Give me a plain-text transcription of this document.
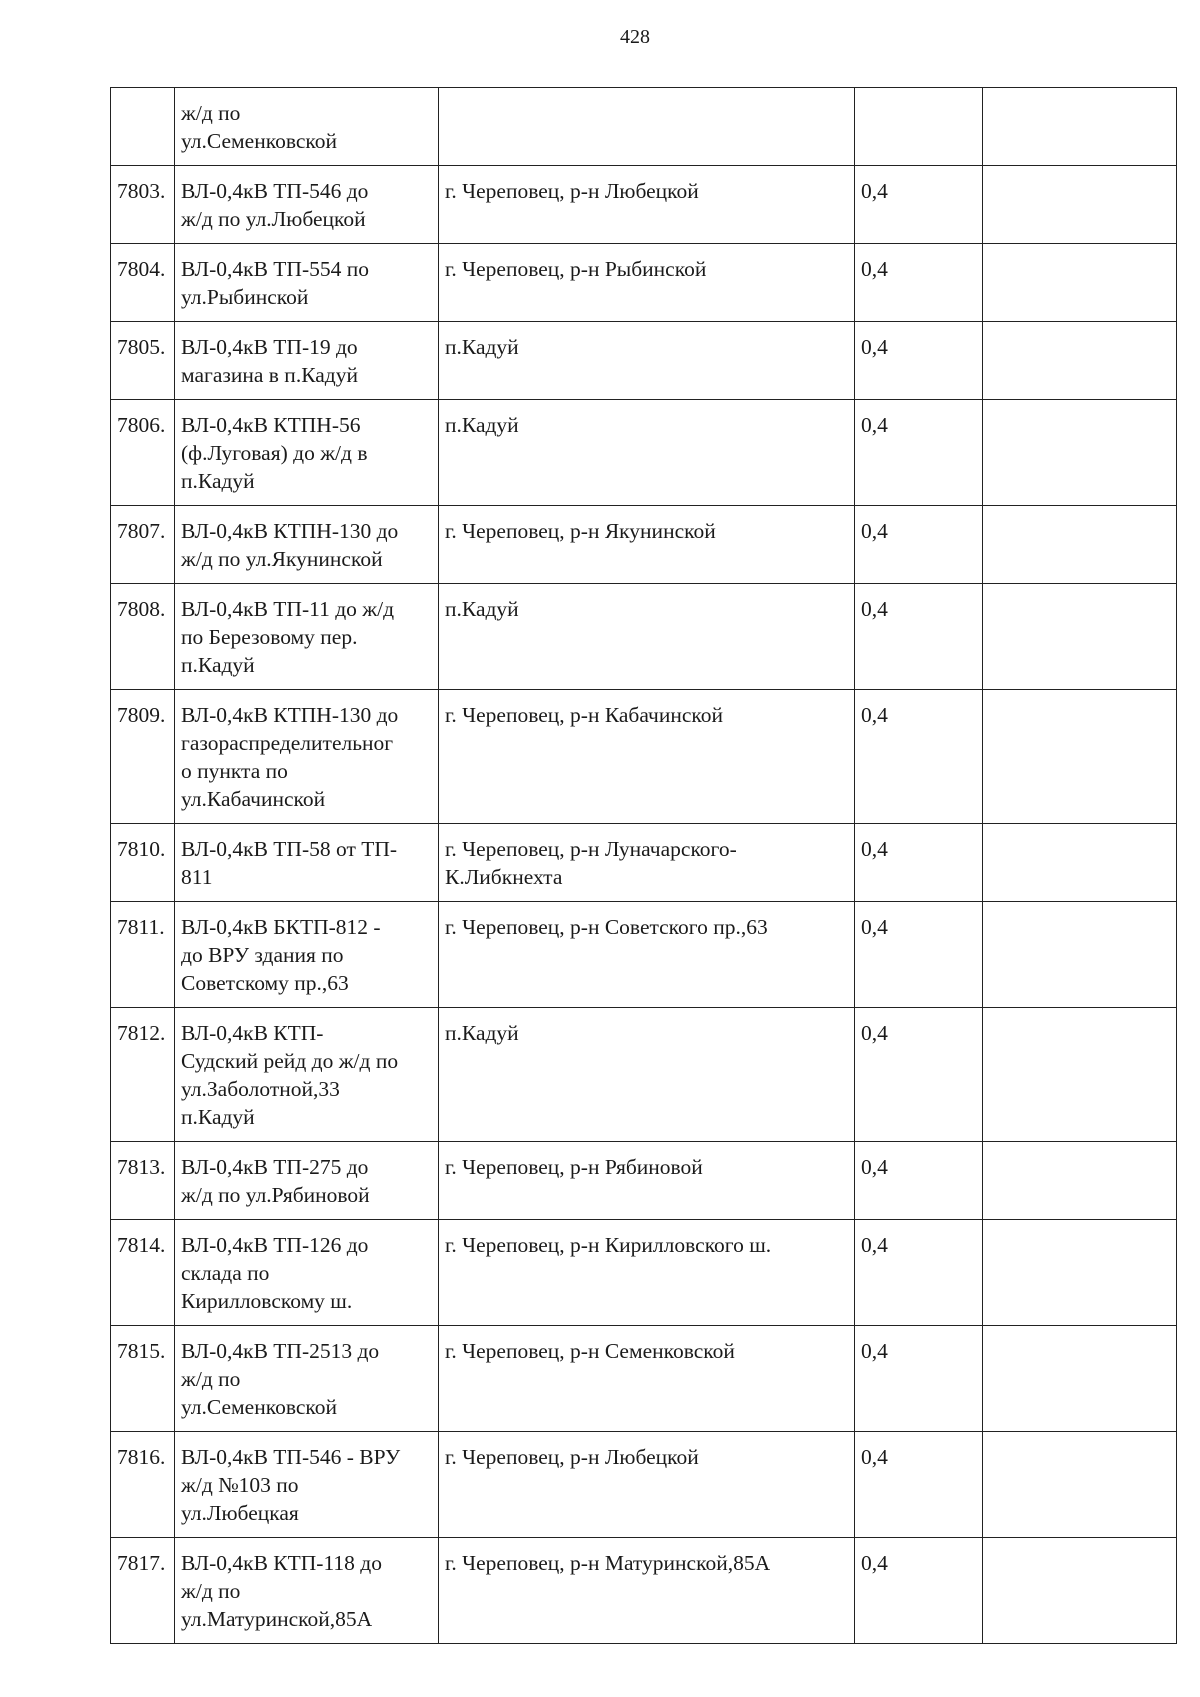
428
	ж/д по
ул.Семенковской			
7803.	ВЛ-0,4кВ ТП-546 до
ж/д по ул.Любецкой	г. Череповец, р-н Любецкой	0,4	
7804.	ВЛ-0,4кВ ТП-554 по
ул.Рыбинской	г. Череповец, р-н Рыбинской	0,4	
7805.	ВЛ-0,4кВ ТП-19 до
магазина в п.Кадуй	п.Кадуй	0,4	
7806.	ВЛ-0,4кВ КТПН-56
(ф.Луговая) до ж/д в
п.Кадуй	п.Кадуй	0,4	
7807.	ВЛ-0,4кВ КТПН-130 до
ж/д по ул.Якунинской	г. Череповец, р-н Якунинской	0,4	
7808.	ВЛ-0,4кВ ТП-11 до ж/д
по Березовому пер.
п.Кадуй	п.Кадуй	0,4	
7809.	ВЛ-0,4кВ КТПН-130 до
газораспределительног
о пункта по
ул.Кабачинской	г. Череповец, р-н Кабачинской	0,4	
7810.	ВЛ-0,4кВ ТП-58 от ТП-
811	г. Череповец, р-н Луначарского-
К.Либкнехта	0,4	
7811.	ВЛ-0,4кВ БКТП-812 -
до ВРУ здания по
Советскому пр.,63	г. Череповец, р-н Советского пр.,63	0,4	
7812.	ВЛ-0,4кВ КТП-
Судский рейд до ж/д по
ул.Заболотной,33
п.Кадуй	п.Кадуй	0,4	
7813.	ВЛ-0,4кВ ТП-275 до
ж/д по ул.Рябиновой	г. Череповец, р-н Рябиновой	0,4	
7814.	ВЛ-0,4кВ ТП-126 до
склада по
Кирилловскому ш.	г. Череповец, р-н Кирилловского ш.	0,4	
7815.	ВЛ-0,4кВ ТП-2513 до
ж/д по
ул.Семенковской	г. Череповец, р-н Семенковской	0,4	
7816.	ВЛ-0,4кВ ТП-546 - ВРУ
ж/д №103 по
ул.Любецкая	г. Череповец, р-н Любецкой	0,4	
7817.	ВЛ-0,4кВ КТП-118 до
ж/д по
ул.Матуринской,85А	г. Череповец, р-н Матуринской,85А	0,4	
